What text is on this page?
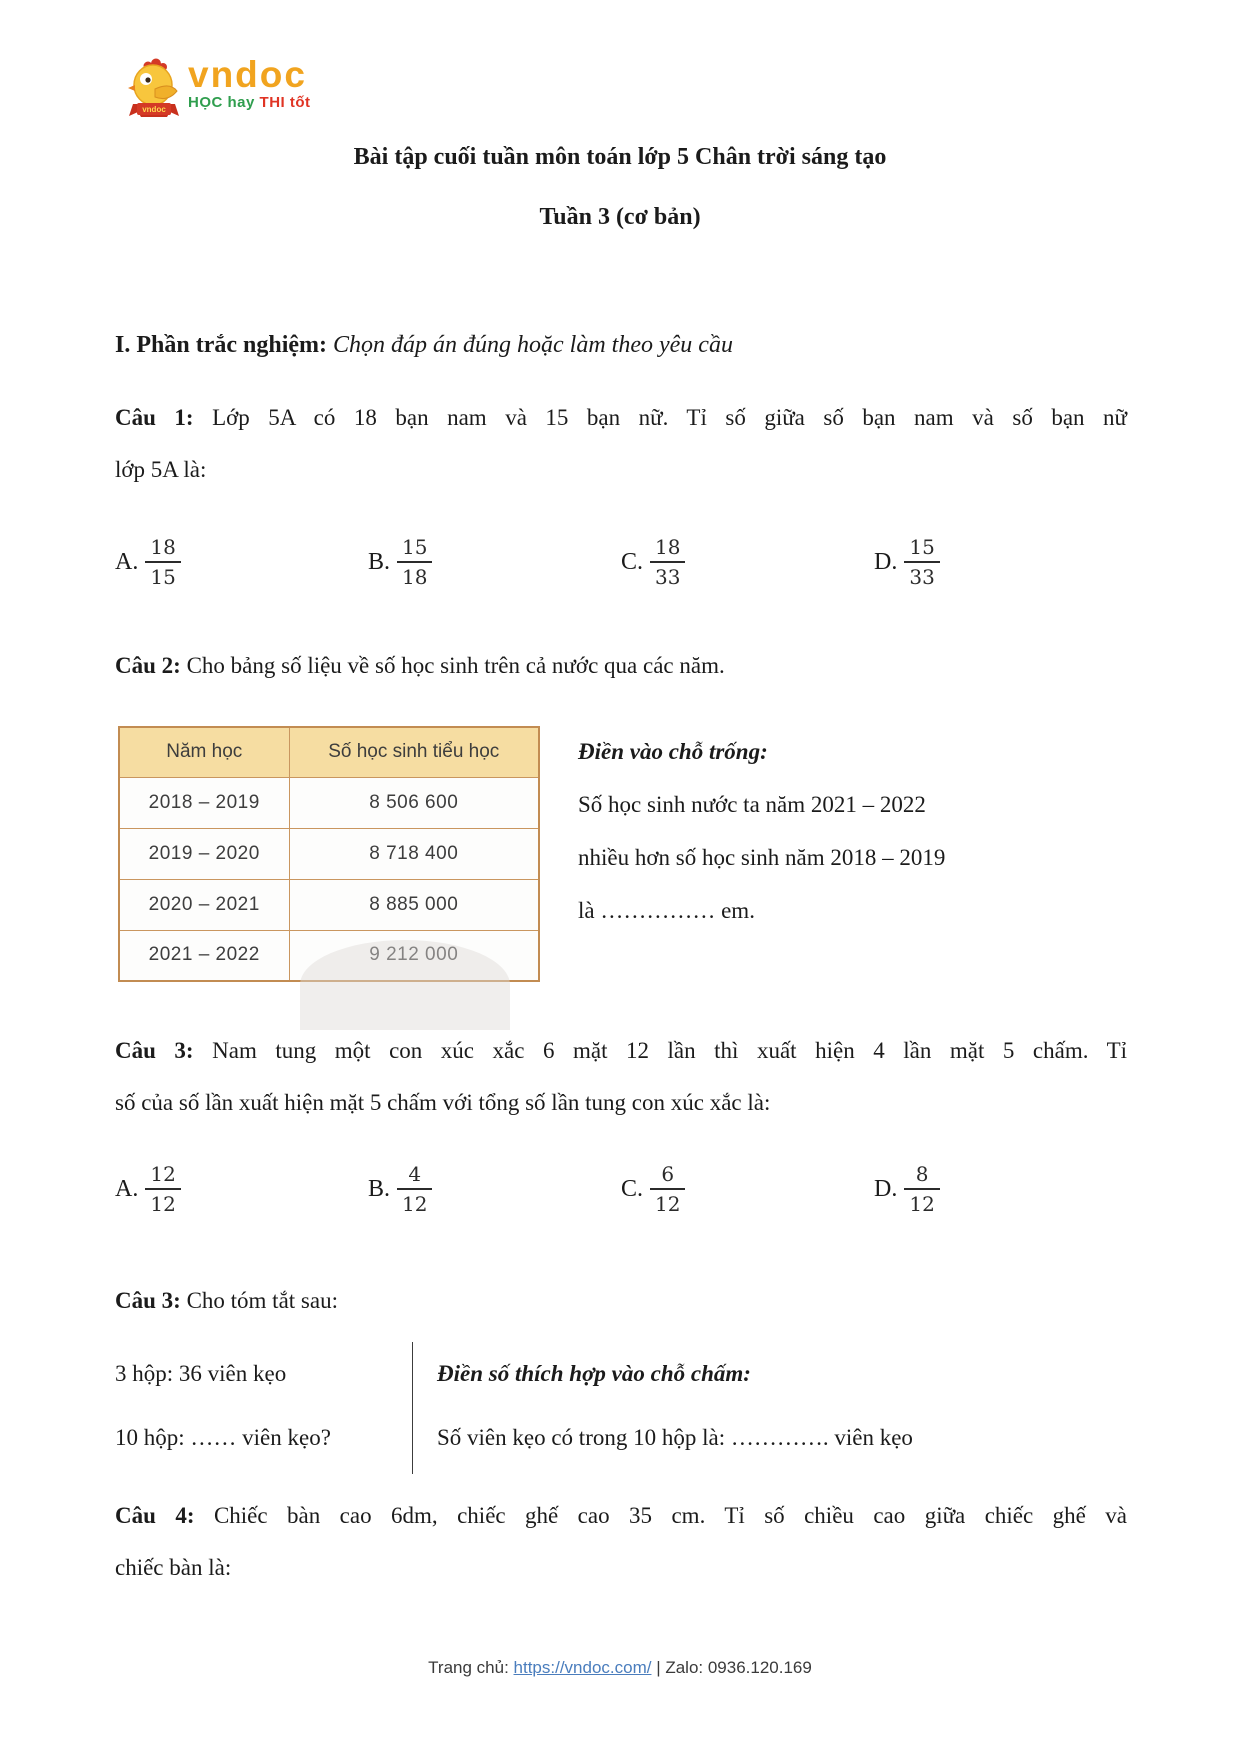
vndoc
vndoc
HỌC hay THI tốt
Bài tập cuối tuần môn toán lớp 5 Chân trời sáng tạo
Tuần 3 (cơ bản)
I. Phần trắc nghiệm: Chọn đáp án đúng hoặc làm theo yêu cầu
Câu 1: Lớp 5A có 18 bạn nam và 15 bạn nữ. Tỉ số giữa số bạn nam và số bạn nữ
lớp 5A là:
A. $\frac{18}{15}$	B. $\frac{15}{18}$	C. $\frac{18}{33}$	D. $\frac{15}{33}$
Câu 2: Cho bảng số liệu về số học sinh trên cả nước qua các năm.
Năm học	Số học sinh tiểu học
2018 – 2019	8 506 600
2019 – 2020	8 718 400
2020 – 2021	8 885 000
2021 – 2022	9 212 000
Điền vào chỗ trống:
Số học sinh nước ta năm 2021 – 2022
nhiều hơn số học sinh năm 2018 – 2019
là …………… em.
Câu 3: Nam tung một con xúc xắc 6 mặt 12 lần thì xuất hiện 4 lần mặt 5 chấm. Tỉ
số của số lần xuất hiện mặt 5 chấm với tổng số lần tung con xúc xắc là:
A. $\frac{12}{12}$	B. $\frac{4}{12}$	C. $\frac{6}{12}$	D. $\frac{8}{12}$
Câu 3: Cho tóm tắt sau:
3 hộp: 36 viên kẹo
10 hộp: …… viên kẹo?
Điền số thích hợp vào chỗ chấm:
Số viên kẹo có trong 10 hộp là: …………. viên kẹo
Câu 4: Chiếc bàn cao 6dm, chiếc ghế cao 35 cm. Tỉ số chiều cao giữa chiếc ghế và
chiếc bàn là:
Trang chủ: https://vndoc.com/ | Zalo: 0936.120.169
